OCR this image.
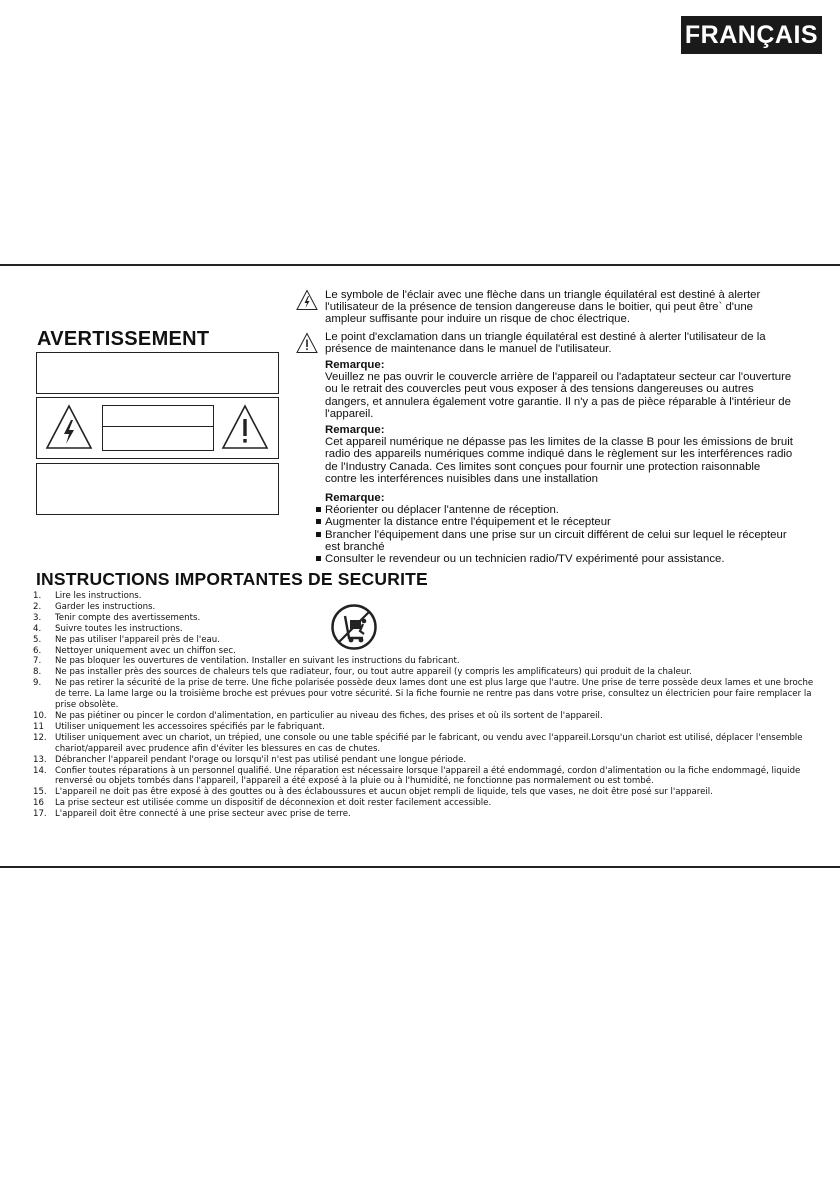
FRANÇAIS
AVERTISSEMENT
Le symbole de l'éclair avec une flèche dans un triangle équilatéral est destiné à alerter l'utilisateur de la présence de tension dangereuse dans le boitier, qui peut être` d'une ampleur suffisante pour induire un risque de choc électrique.
Le point d'exclamation dans un triangle équilatéral est destiné à alerter l'utilisateur de la présence de maintenance dans le manuel de l'utilisateur.
Remarque:
Veuillez ne pas ouvrir le couvercle arrière de l'appareil ou l'adaptateur secteur car l'ouverture ou le retrait des couvercles peut vous exposer à des tensions dangereuses ou autres dangers, et annulera également votre garantie. Il n'y a pas de pièce réparable à l'intérieur de l'appareil.
Remarque:
Cet appareil numérique ne dépasse pas les limites de la classe B pour les émissions de bruit radio des appareils numériques comme indiqué dans le règlement sur les interférences radio de l'Industry Canada. Ces limites sont conçues pour fournir une protection raisonnable contre les interférences nuisibles dans une installation
Remarque:
Réorienter ou déplacer l'antenne de réception.
Augmenter la distance entre l'équipement et le récepteur
Brancher l'équipement dans une prise sur un circuit différent de celui sur lequel le récepteur est branché
Consulter le revendeur ou un technicien radio/TV expérimenté pour assistance.
INSTRUCTIONS IMPORTANTES DE SECURITE
1. Lire les instructions.
2. Garder les instructions.
3. Tenir compte des avertissements.
4. Suivre toutes les instructions.
5. Ne pas utiliser l'appareil près de l'eau.
6. Nettoyer uniquement avec un chiffon sec.
7. Ne pas bloquer les ouvertures de ventilation. Installer en suivant les instructions du fabricant.
8. Ne pas installer près des sources de chaleurs tels que radiateur, four, ou tout autre appareil (y compris les amplificateurs) qui produit de la chaleur.
9. Ne pas retirer la sécurité de la prise de terre. Une fiche polarisée possède deux lames dont une est plus large que l'autre. Une prise de terre possède deux lames et une broche de terre. La lame large ou la troisième broche est prévues pour votre sécurité. Si la fiche fournie ne rentre pas dans votre prise, consultez un électricien pour faire remplacer la prise obsolète.
10. Ne pas piétiner ou pincer le cordon d'alimentation, en particulier au niveau des fiches, des prises et où ils sortent de l'appareil.
11 Utiliser uniquement les accessoires spécifiés par le fabriquant.
12. Utiliser uniquement avec un chariot, un trépied, une console ou une table spécifié par le fabricant, ou vendu avec l'appareil.Lorsqu'un chariot est utilisé, déplacer l'ensemble chariot/appareil avec prudence afin d'éviter les blessures en cas de chutes.
13. Débrancher l'appareil pendant l'orage ou lorsqu'il n'est pas utilisé pendant une longue période.
14. Confier toutes réparations à un personnel qualifié. Une réparation est nécessaire lorsque l'appareil a été endommagé, cordon d'alimentation ou la fiche endommagé, liquide renversé ou objets tombés dans l'appareil, l'appareil a été exposé à la pluie ou à l'humidité, ne fonctionne pas normalement ou est tombé.
15. L'appareil ne doit pas être exposé à des gouttes ou à des éclaboussures et aucun objet rempli de liquide, tels que vases, ne doit être posé sur l'appareil.
16 La prise secteur est utilisée comme un dispositif de déconnexion et doit rester facilement accessible.
17. L'appareil doit être connecté à une prise secteur avec prise de terre.
